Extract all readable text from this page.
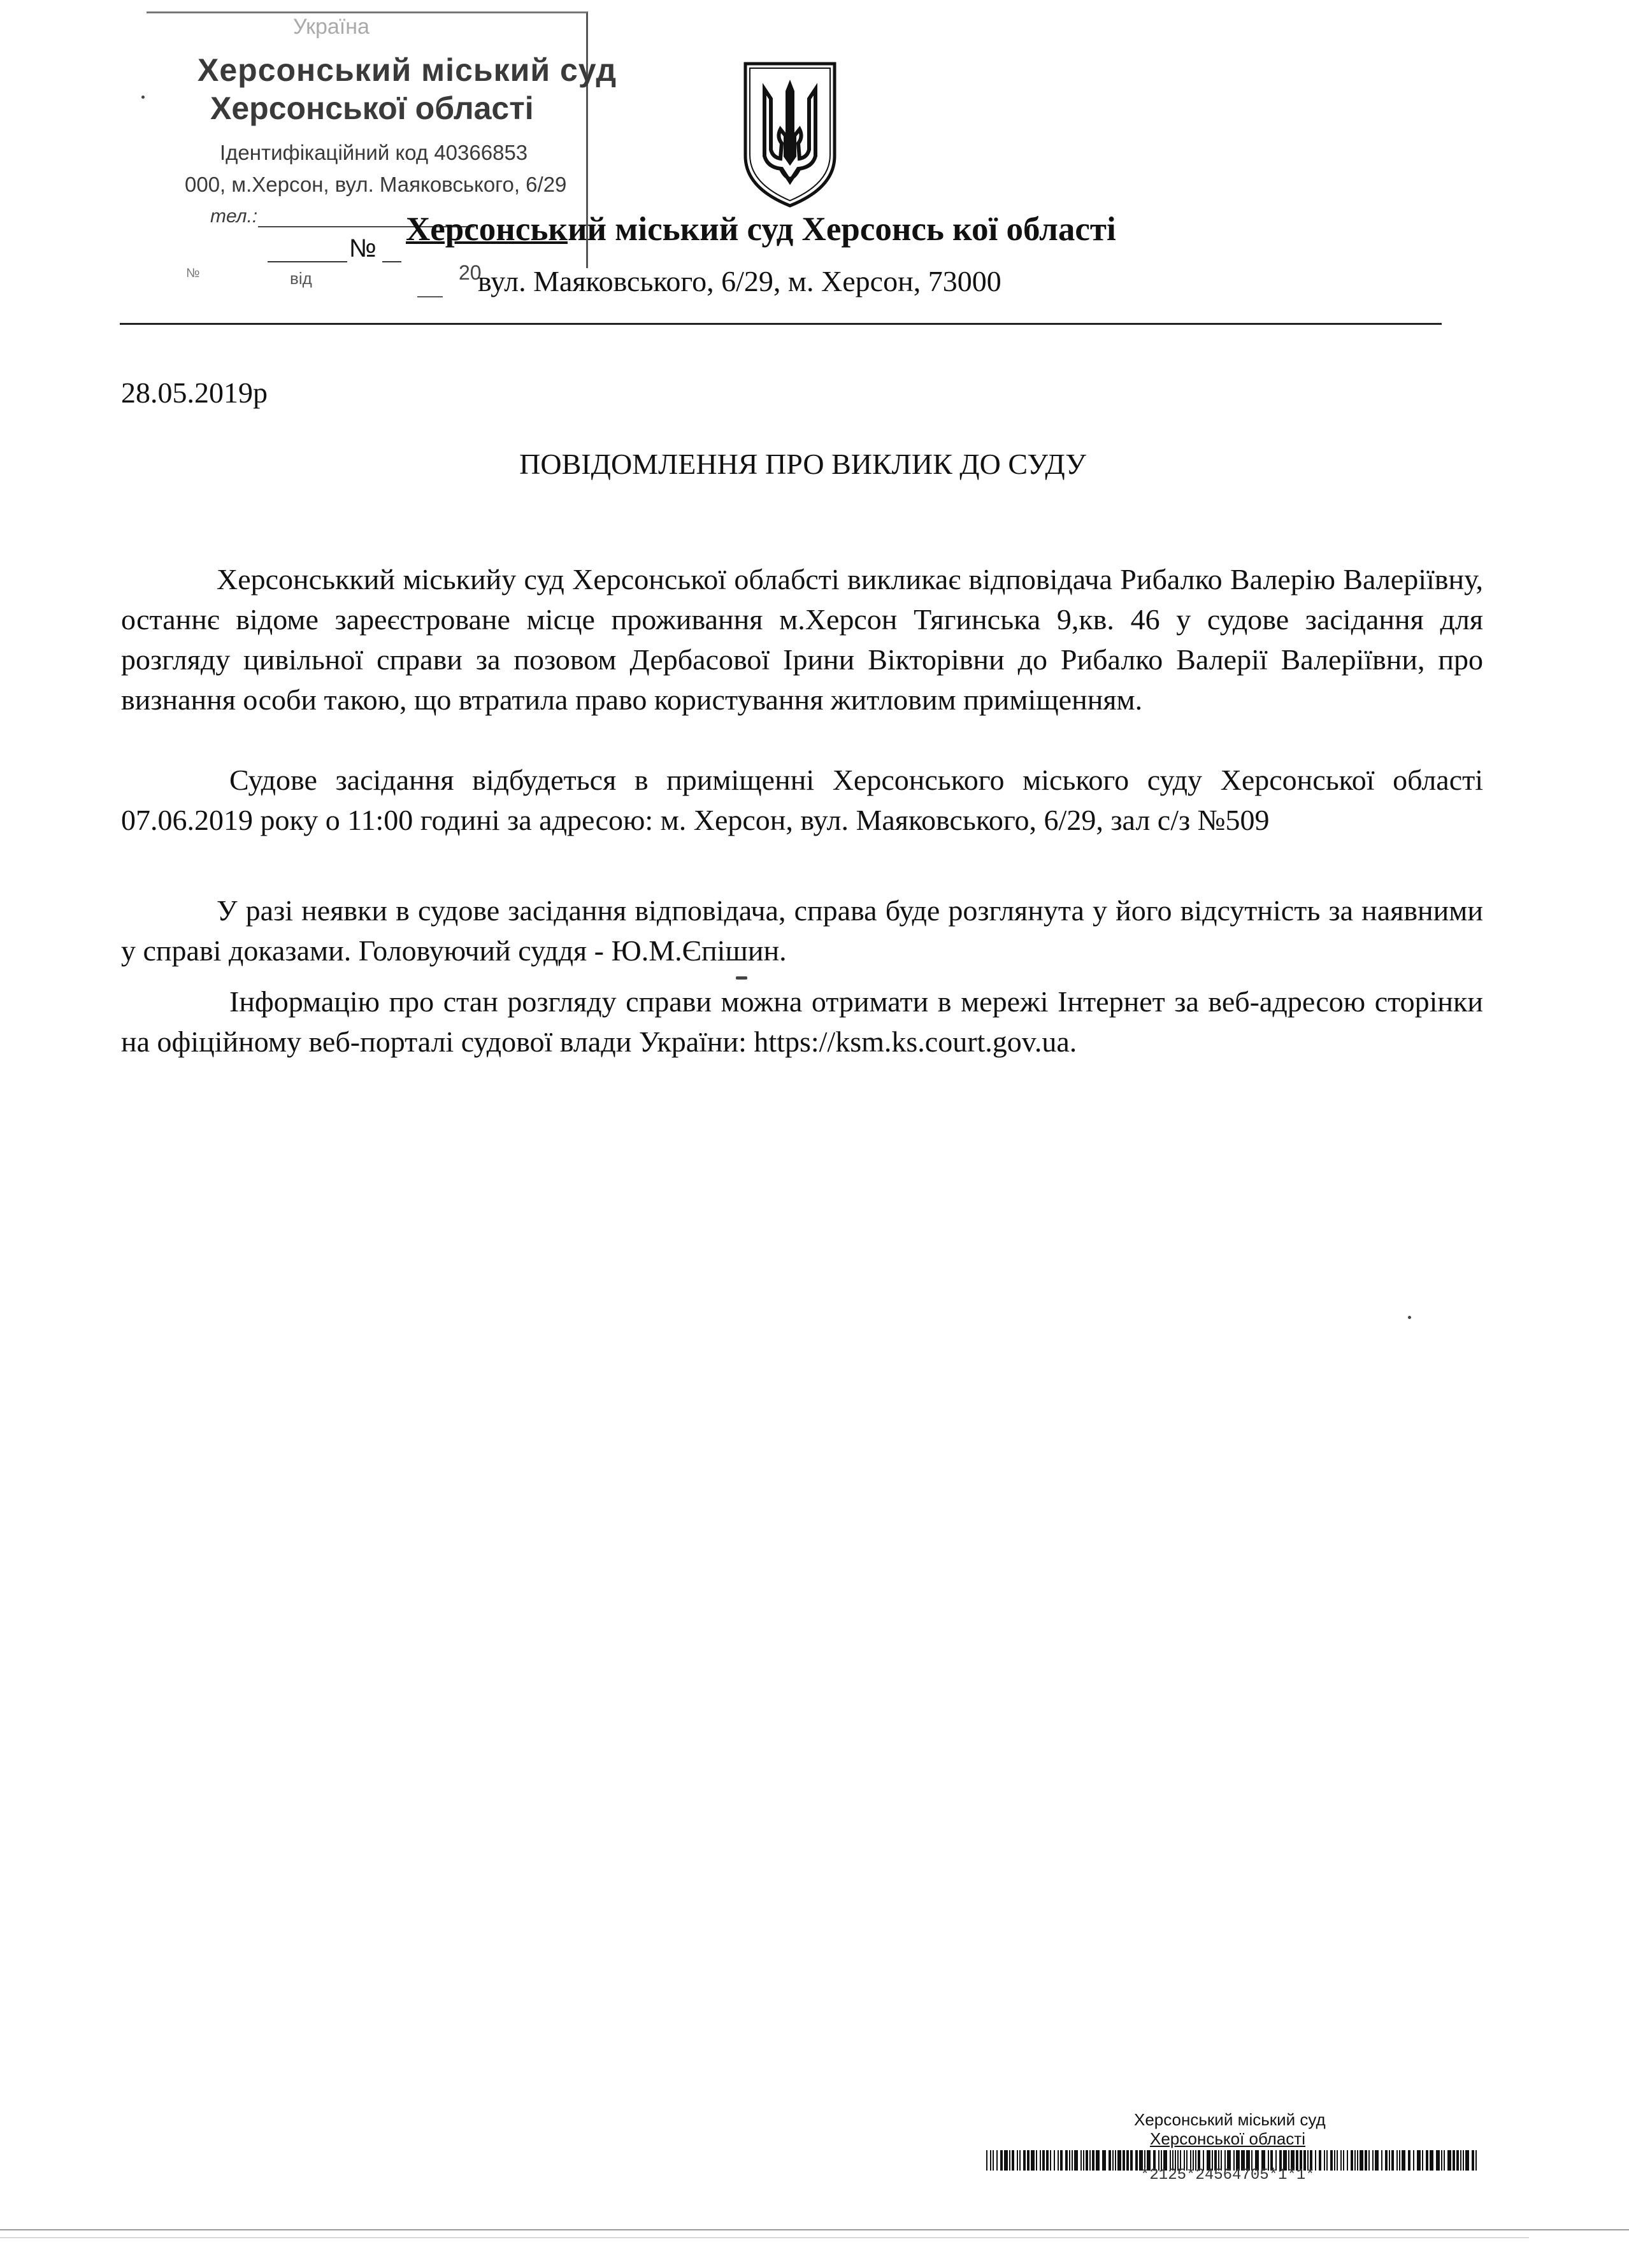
Україна
Херсонський міський суд
Херсонської області
Ідентифікаційний код 40366853
000, м.Херсон, вул. Маяковського, 6/29
тел.:
№
№	від	20
Херсонський міський суд Херсонсь кої області
вул. Маяковського, 6/29, м. Херсон, 73000
28.05.2019р
ПОВІДОМЛЕННЯ ПРО ВИКЛИК ДО СУДУ

Херсонськкий міськийу суд Херсонської облабсті викликає відповідача Рибалко Валерію Валеріївну, останнє відоме зареєстроване місце проживання м.Херсон Тягинська 9,кв. 46 у судове засідання для розгляду цивільної справи за позовом Дербасової Ірини Вікторівни до Рибалко Валерії Валеріївни, про визнання особи такою, що втратила право користування житловим приміщенням.

Судове засідання відбудеться в приміщенні Херсонського міського суду Херсонської області 07.06.2019 року о 11:00 годині за адресою: м. Херсон, вул. Маяковського, 6/29, зал с/з №509

У разі неявки в судове засідання відповідача, справа буде розглянута у його відсутність за наявними у справі доказами. Головуючий суддя - Ю.М.Єпішин.

Інформацію про стан розгляду справи можна отримати в мережі Інтернет за веб-адресою сторінки на офіційному веб-порталі судової влади України: https://ksm.ks.court.gov.ua.

Херсонський міський суд
Херсонської області
*2125*24564705*1*1*
